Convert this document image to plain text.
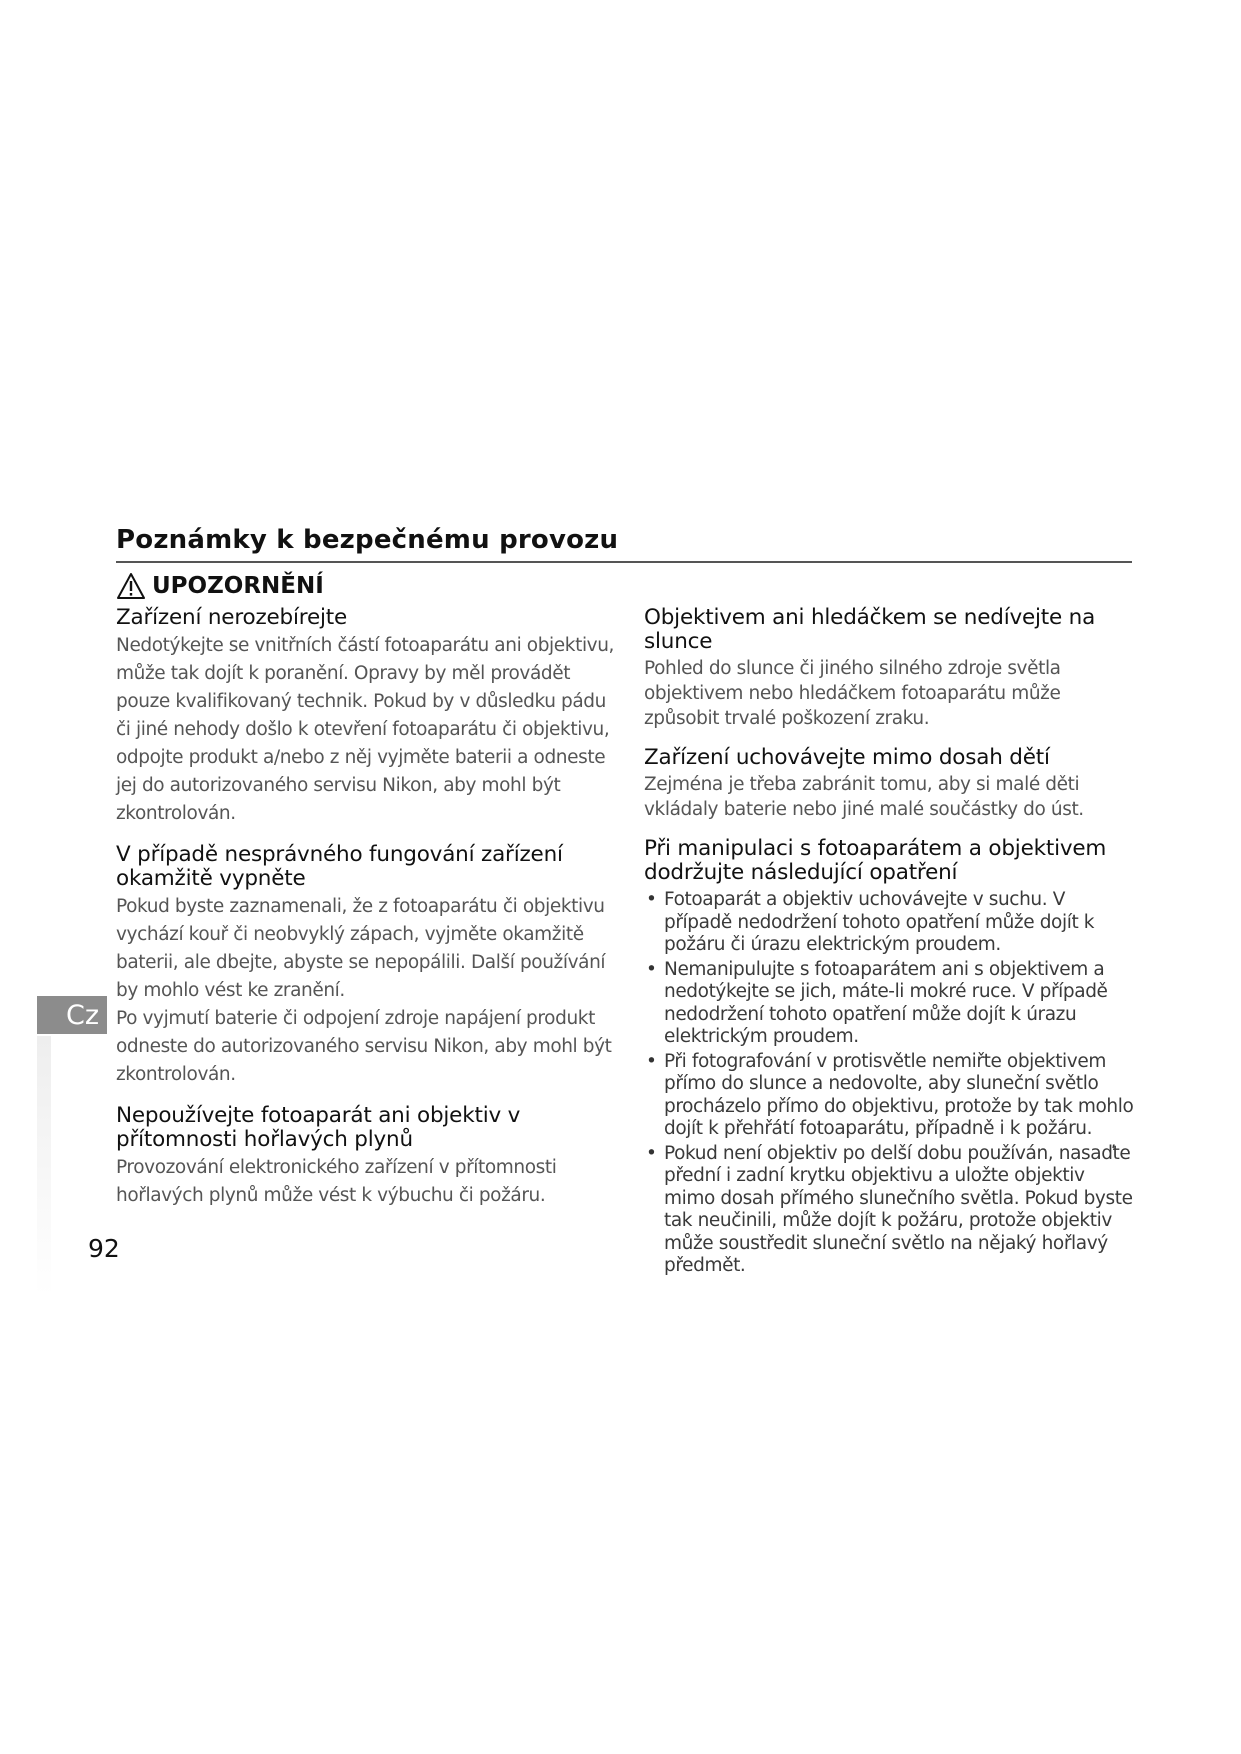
Poznámky k bezpečnému provozu
UPOZORNĚNÍ
Zařízení nerozebírejte

Nedotýkejte se vnitřních částí fotoaparátu ani objektivu, může tak dojít k poranění. Opravy by měl provádět pouze kvalifikovaný technik. Pokud by v důsledku pádu či jiné nehody došlo k otevření fotoaparátu či objektivu, odpojte produkt a/nebo z něj vyjměte baterii a odneste jej do autorizovaného servisu Nikon, aby mohl být zkontrolován.

V případě nesprávného fungování zařízení okamžitě vypněte

Pokud byste zaznamenali, že z fotoaparátu či objektivu vychází kouř či neobvyklý zápach, vyjměte okamžitě baterii, ale dbejte, abyste se nepopálili. Další používání by mohlo vést ke zranění.

Po vyjmutí baterie či odpojení zdroje napájení produkt odneste do autorizovaného servisu Nikon, aby mohl být zkontrolován.

Nepoužívejte fotoaparát ani objektiv v přítomnosti hořlavých plynů

Provozování elektronického zařízení v přítomnosti hořlavých plynů může vést k výbuchu či požáru.

Objektivem ani hledáčkem se nedívejte na slunce

Pohled do slunce či jiného silného zdroje světla objektivem nebo hledáčkem fotoaparátu může způsobit trvalé poškození zraku.

Zařízení uchovávejte mimo dosah dětí

Zejména je třeba zabránit tomu, aby si malé děti vkládaly baterie nebo jiné malé součástky do úst.

Při manipulaci s fotoaparátem a objektivem dodržujte následující opatření
• Fotoaparát a objektiv uchovávejte v suchu. V případě nedodržení tohoto opatření může dojít k požáru či úrazu elektrickým proudem.
• Nemanipulujte s fotoaparátem ani s objektivem a nedotýkejte se jich, máte-li mokré ruce. V případě nedodržení tohoto opatření může dojít k úrazu elektrickým proudem.
• Při fotografování v protisvětle nemiřte objektivem přímo do slunce a nedovolte, aby sluneční světlo procházelo přímo do objektivu, protože by tak mohlo dojít k přehřátí fotoaparátu, případně i k požáru.
• Pokud není objektiv po delší dobu používán, nasaďte přední i zadní krytku objektivu a uložte objektiv mimo dosah přímého slunečního světla. Pokud byste tak neučinili, může dojít k požáru, protože objektiv může soustředit sluneční světlo na nějaký hořlavý předmět.
Cz
92
